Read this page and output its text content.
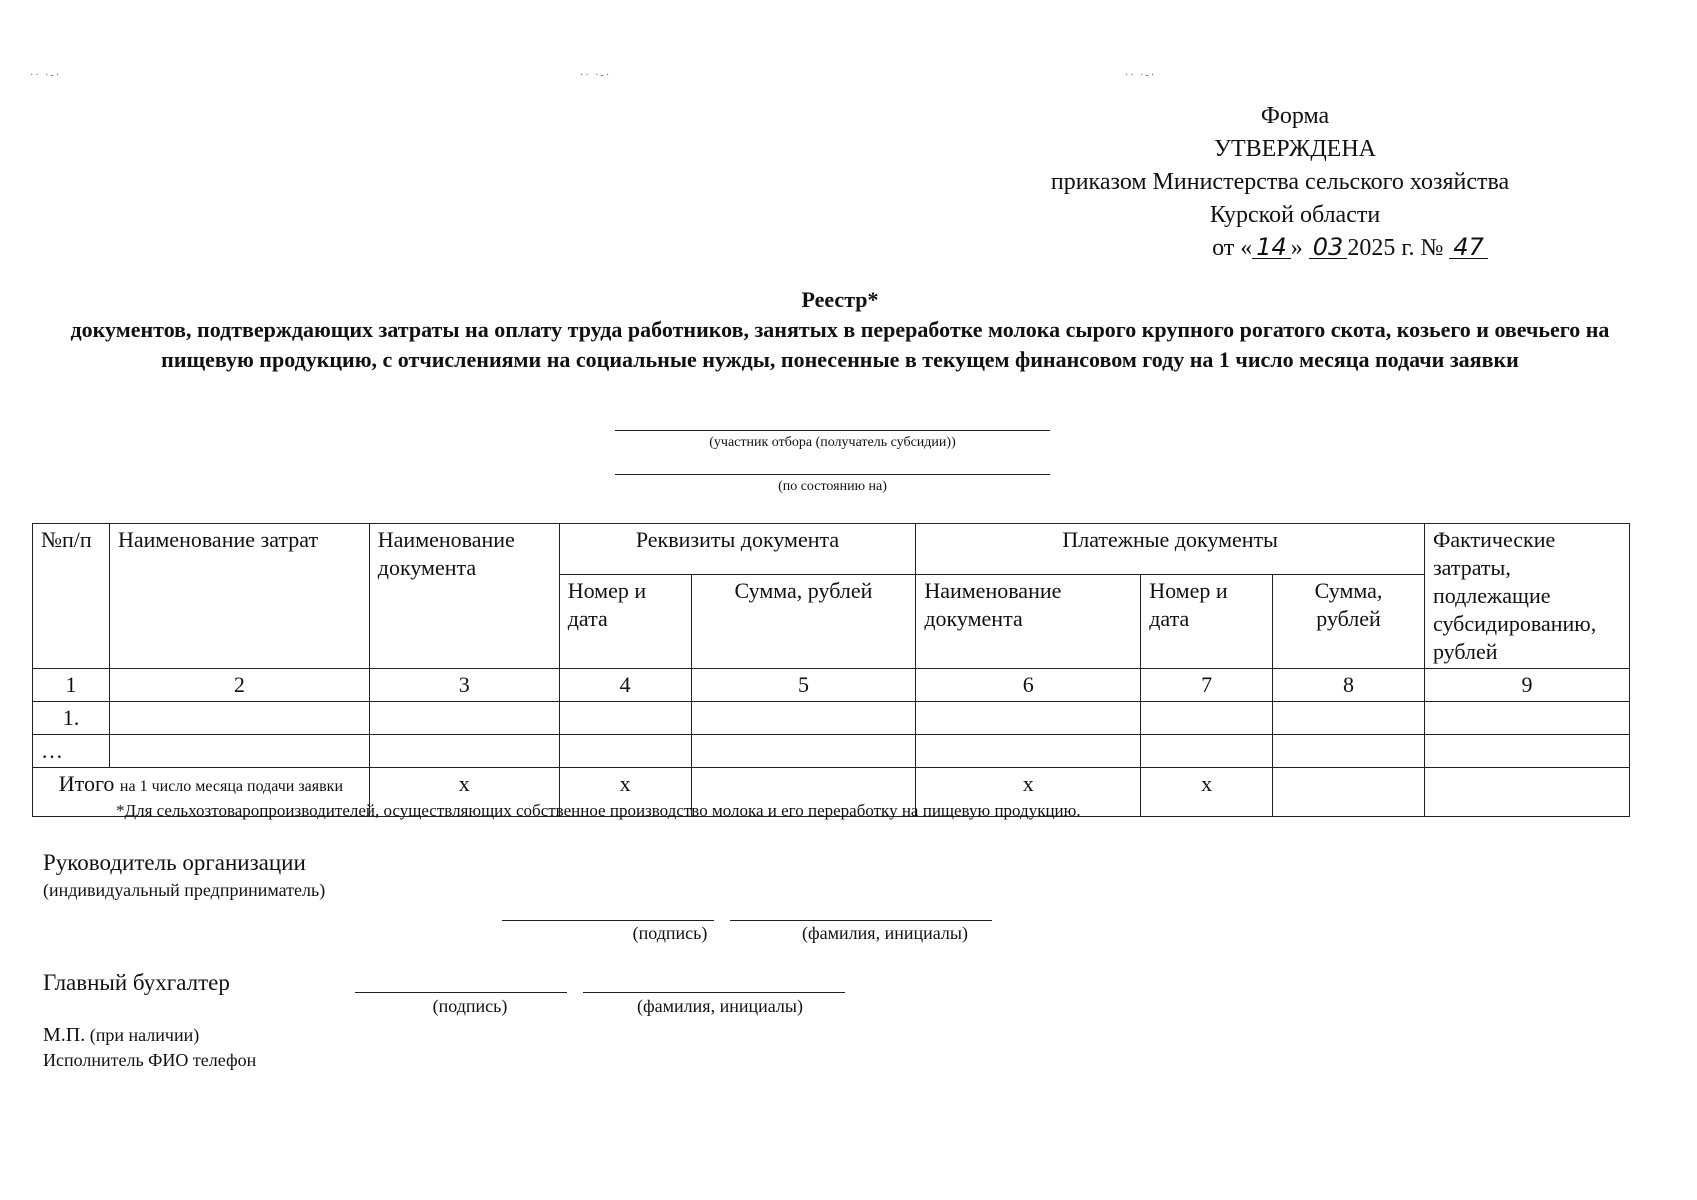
·· ·-·	·· ·-·	·· ·-·
Форма
УТВЕРЖДЕНА
приказом Министерства сельского хозяйства
Курской области
от « 14 » 03 2025 г. № 47
Реестр*
документов, подтверждающих затраты на оплату труда работников, занятых в переработке молока сырого крупного рогатого скота, козьего и овечьего на пищевую продукцию, с отчислениями на социальные нужды, понесенные в текущем финансовом году на 1 число месяца подачи заявки
(участник отбора (получатель субсидии))
(по состоянию на)
№п/п	Наименование затрат	Наименование документа	Реквизиты документа		Платежные документы			Фактические затраты, подлежащие субсидированию, рублей
			Номер и дата	Сумма, рублей	Наименование документа	Номер и дата	Сумма, рублей	
1	2	3	4	5	6	7	8	9
1.								
…								
Итого на 1 число месяца подачи заявки		х	х		х	х		
*Для сельхозтоваропроизводителей, осуществляющих собственное производство молока и его переработку на пищевую продукцию.
Руководитель организации
(индивидуальный предприниматель)
(подпись)	(фамилия, инициалы)
Главный бухгалтер
(подпись)	(фамилия, инициалы)
М.П. (при наличии)
Исполнитель ФИО телефон
